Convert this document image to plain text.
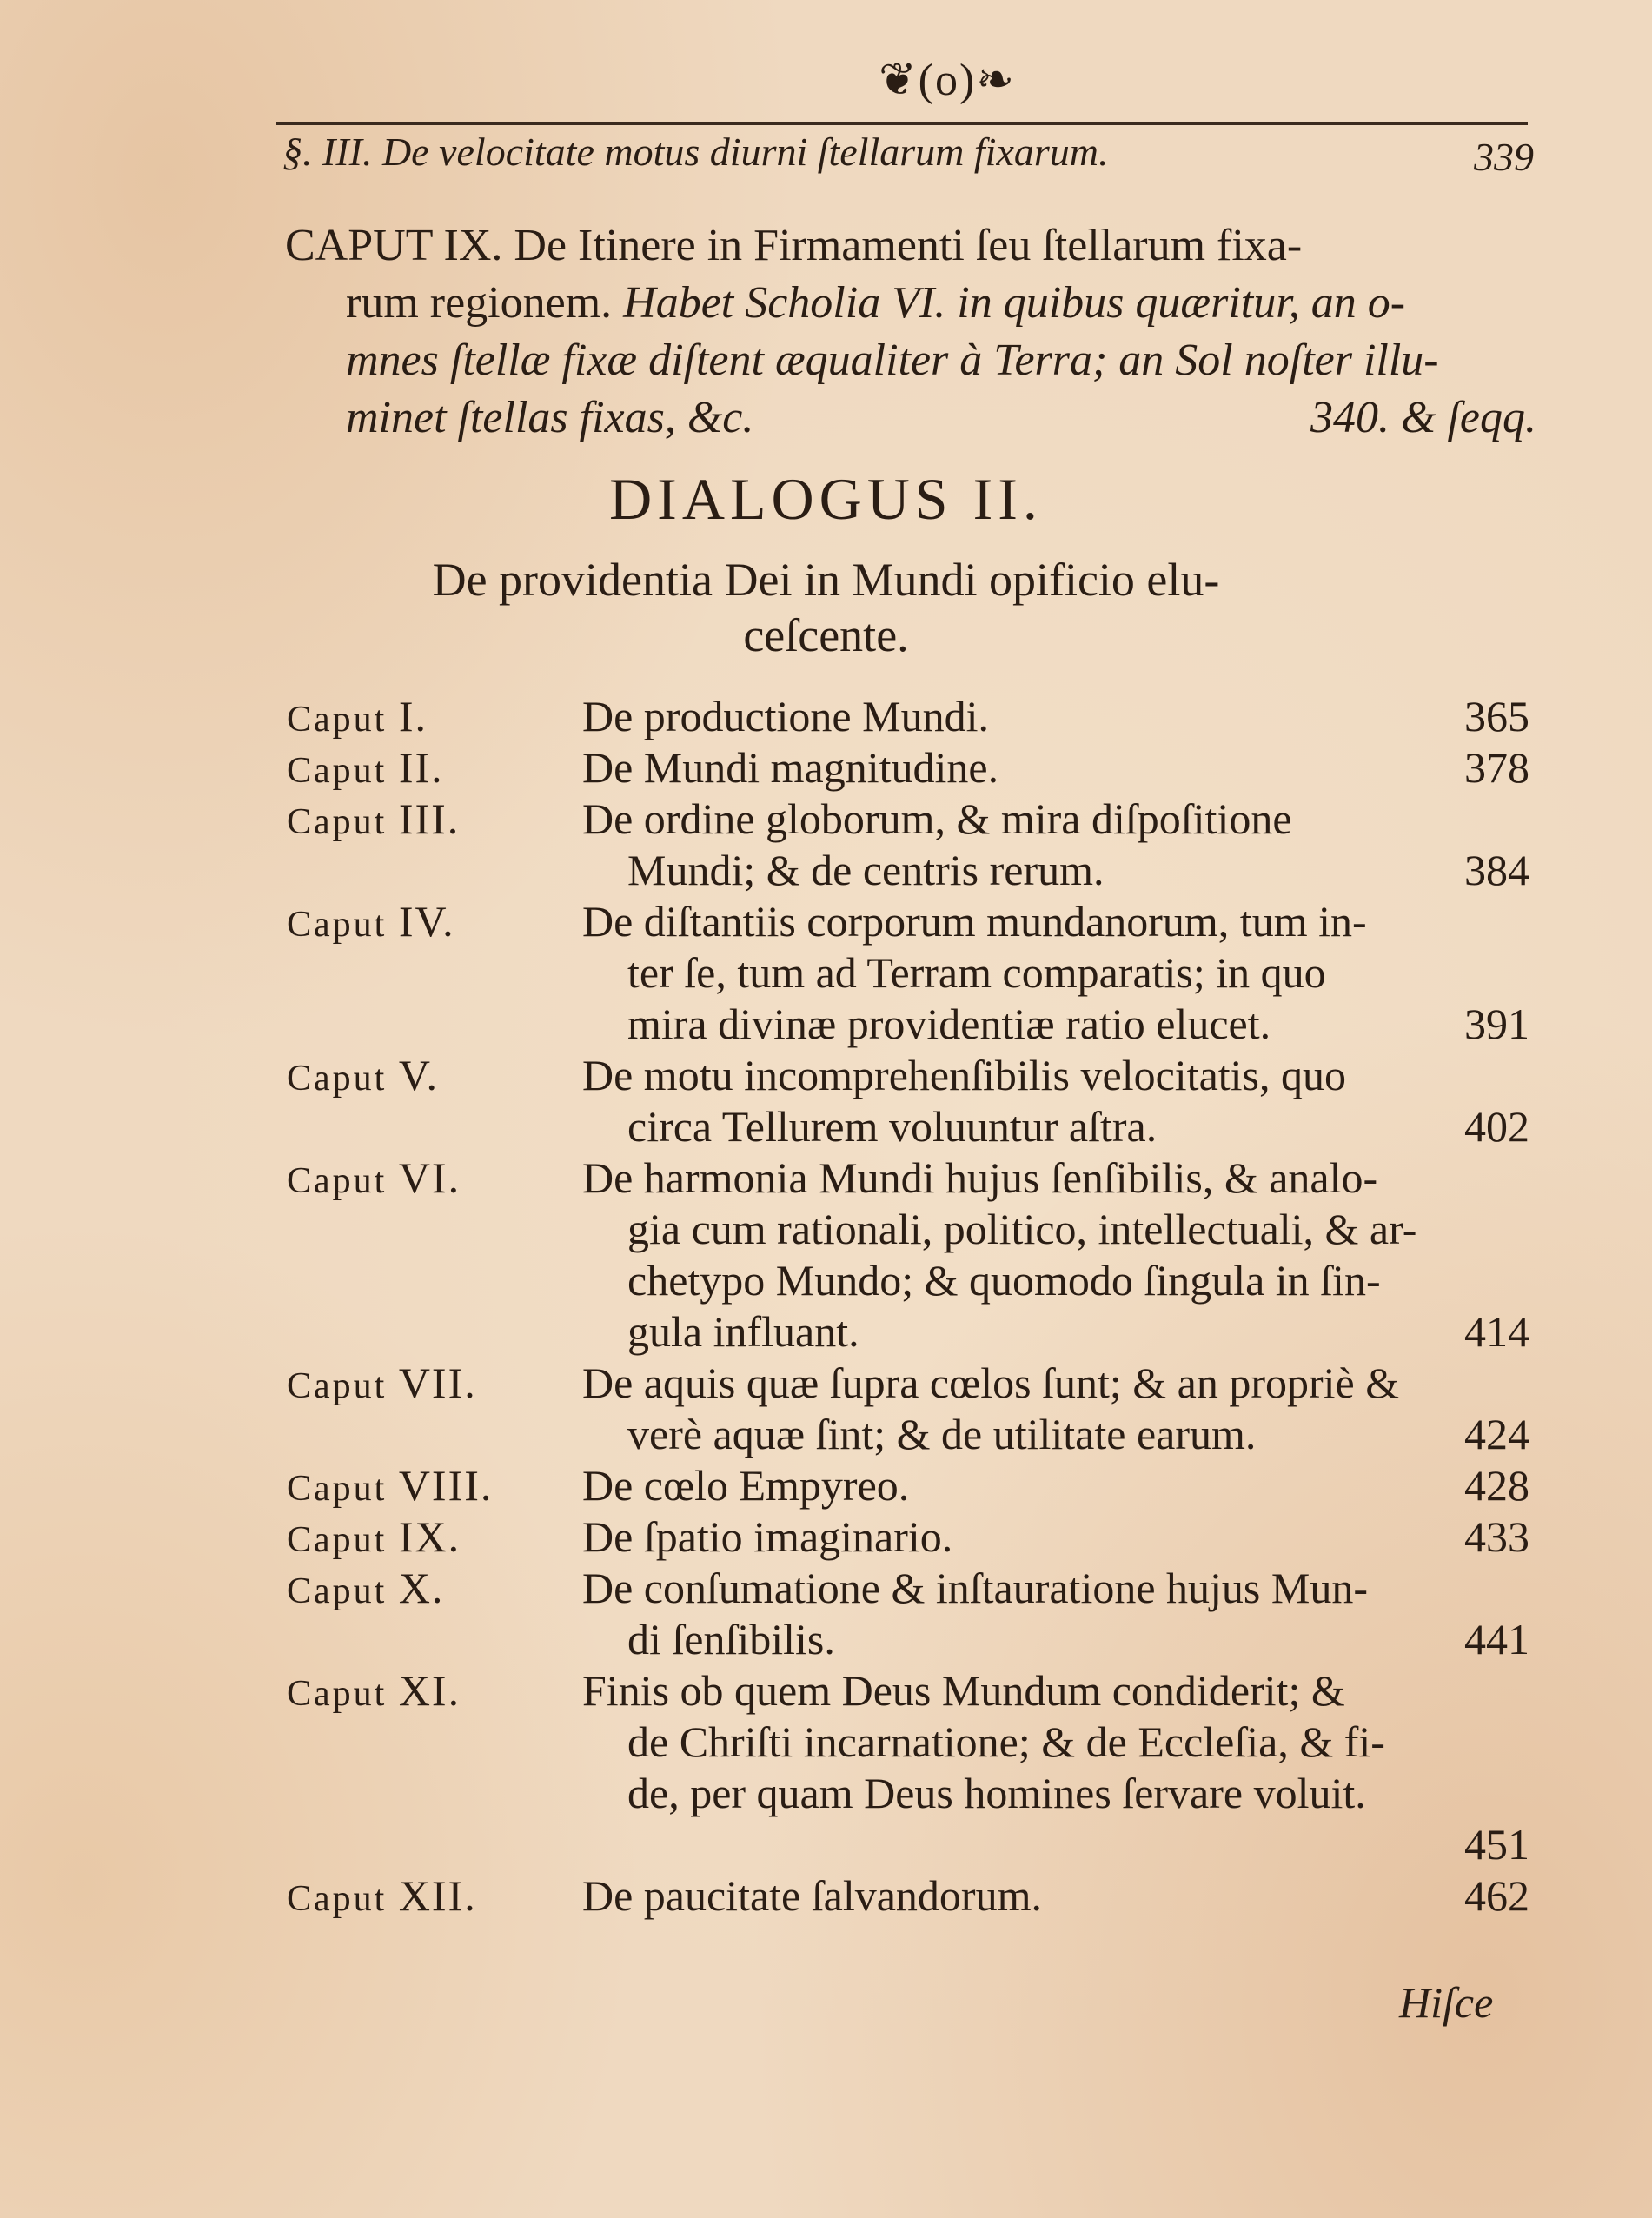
❦(o)❧
§. III. De velocitate motus diurni ſtellarum fixarum.	339
CAPUT IX. De Itinere in Firmamenti ſeu ſtellarum fixa-
rum regionem. Habet Scholia VI. in quibus quæritur, an o-
mnes ſtellæ fixæ diſtent æqualiter à Terra; an Sol noſter illu-
minet ſtellas fixas, &c.	340. & ſeqq.
DIALOGUS II.
De providentia Dei in Mundi opificio elu-
ceſcente.
Caput I.	De productione Mundi.	365
Caput II.	De Mundi magnitudine.	378
Caput III.	De ordine globorum, & mira diſpoſitione
Mundi; & de centris rerum.	384
Caput IV.	De diſtantiis corporum mundanorum, tum in-
ter ſe, tum ad Terram comparatis; in quo
mira divinæ providentiæ ratio elucet.	391
Caput V.	De motu incomprehenſibilis velocitatis, quo
circa Tellurem voluuntur aſtra.	402
Caput VI.	De harmonia Mundi hujus ſenſibilis, & analo-
gia cum rationali, politico, intellectuali, & ar-
chetypo Mundo; & quomodo ſingula in ſin-
gula influant.	414
Caput VII.	De aquis quæ ſupra cœlos ſunt; & an propriè &
verè aquæ ſint; & de utilitate earum.	424
Caput VIII.	De cœlo Empyreo.	428
Caput IX.	De ſpatio imaginario.	433
Caput X.	De conſumatione & inſtauratione hujus Mun-
di ſenſibilis.	441
Caput XI.	Finis ob quem Deus Mundum condiderit; &
de Chriſti incarnatione; & de Eccleſia, & fi-
de, per quam Deus homines ſervare voluit.
451
Caput XII.	De paucitate ſalvandorum.	462
Hiſce
